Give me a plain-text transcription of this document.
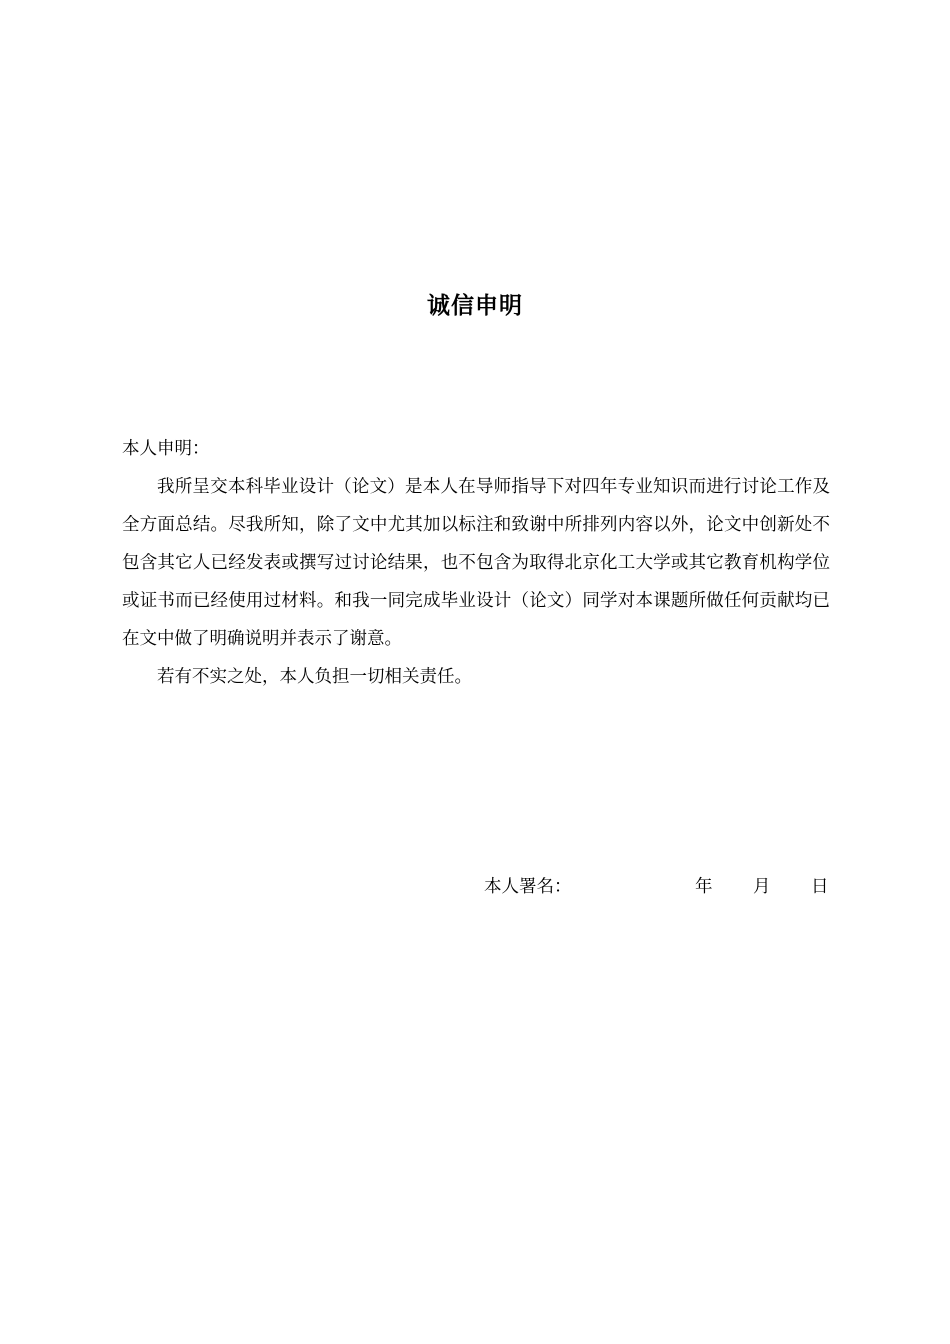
诚信申明

本人申明：

我所呈交本科毕业设计（论文）是本人在导师指导下对四年专业知识而进行讨论工作及全方面总结。尽我所知，除了文中尤其加以标注和致谢中所排列内容以外，论文中创新处不包含其它人已经发表或撰写过讨论结果，也不包含为取得北京化工大学或其它教育机构学位或证书而已经使用过材料。和我一同完成毕业设计（论文）同学对本课题所做任何贡献均已在文中做了明确说明并表示了谢意。

若有不实之处，本人负担一切相关责任。

本人署名：	年 月 日
